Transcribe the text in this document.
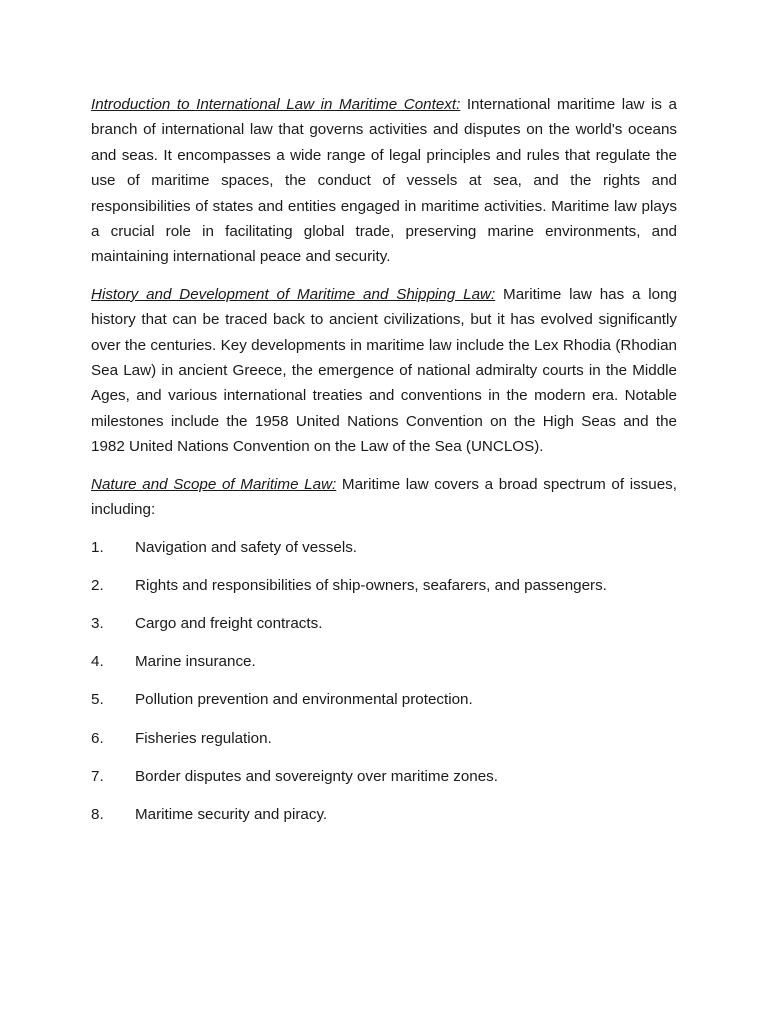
Introduction to International Law in Maritime Context: International maritime law is a branch of international law that governs activities and disputes on the world's oceans and seas. It encompasses a wide range of legal principles and rules that regulate the use of maritime spaces, the conduct of vessels at sea, and the rights and responsibilities of states and entities engaged in maritime activities. Maritime law plays a crucial role in facilitating global trade, preserving marine environments, and maintaining international peace and security.

History and Development of Maritime and Shipping Law: Maritime law has a long history that can be traced back to ancient civilizations, but it has evolved significantly over the centuries. Key developments in maritime law include the Lex Rhodia (Rhodian Sea Law) in ancient Greece, the emergence of national admiralty courts in the Middle Ages, and various international treaties and conventions in the modern era. Notable milestones include the 1958 United Nations Convention on the High Seas and the 1982 United Nations Convention on the Law of the Sea (UNCLOS).

Nature and Scope of Maritime Law: Maritime law covers a broad spectrum of issues, including:

1.	Navigation and safety of vessels.
2.	Rights and responsibilities of ship-owners, seafarers, and passengers.
3.	Cargo and freight contracts.
4.	Marine insurance.
5.	Pollution prevention and environmental protection.
6.	Fisheries regulation.
7.	Border disputes and sovereignty over maritime zones.
8.	Maritime security and piracy.
